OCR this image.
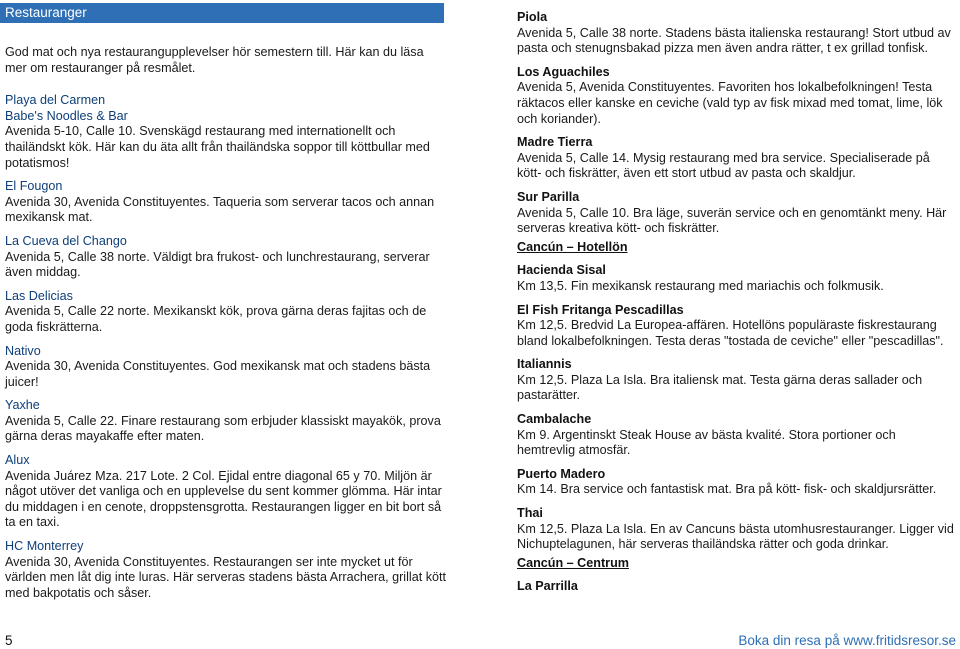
Restauranger
God mat och nya restaurangupplevelser hör semestern till. Här kan du läsa mer om restauranger på resmålet.
Playa del Carmen
Babe's Noodles & Bar
Avenida 5-10, Calle 10. Svenskägd restaurang med internationellt och thailändskt kök. Här kan du äta allt från thailändska soppor till köttbullar med potatismos!
El Fougon
Avenida 30, Avenida Constituyentes. Taqueria som serverar tacos och annan mexikansk mat.
La Cueva del Chango
Avenida 5, Calle 38 norte. Väldigt bra frukost- och lunchrestaurang, serverar även middag.
Las Delicias
Avenida 5, Calle 22 norte. Mexikanskt kök, prova gärna deras fajitas och de goda fiskrätterna.
Nativo
Avenida 30, Avenida Constituyentes. God mexikansk mat och stadens bästa juicer!
Yaxhe
Avenida 5, Calle 22. Finare restaurang som erbjuder klassiskt mayakök, prova gärna deras mayakaffe efter maten.
Alux
Avenida Juárez Mza. 217 Lote. 2 Col. Ejidal entre diagonal 65 y 70. Miljön är något utöver det vanliga och en upplevelse du sent kommer glömma. Här intar du middagen i en cenote, droppstensgrotta. Restaurangen ligger en bit bort så ta en taxi.
HC Monterrey
Avenida 30, Avenida Constituyentes. Restaurangen ser inte mycket ut för världen men låt dig inte luras. Här serveras stadens bästa Arrachera, grillat kött med bakpotatis och såser.
Piola
Avenida 5, Calle 38 norte. Stadens bästa italienska restaurang! Stort utbud av pasta och stenugnsbakad pizza men även andra rätter, t ex grillad tonfisk.
Los Aguachiles
Avenida 5, Avenida Constituyentes. Favoriten hos lokalbefolkningen! Testa räktacos eller kanske en ceviche (vald typ av fisk mixad med tomat, lime, lök och koriander).
Madre Tierra
Avenida 5, Calle 14. Mysig restaurang med bra service. Specialiserade på kött- och fiskrätter, även ett stort utbud av pasta och skaldjur.
Sur Parilla
Avenida 5, Calle 10. Bra läge, suverän service och en genomtänkt meny. Här serveras kreativa kött- och fiskrätter.
Cancún – Hotellön
Hacienda Sisal
Km 13,5. Fin mexikansk restaurang med mariachis och folkmusik.
El Fish Fritanga Pescadillas
Km 12,5. Bredvid La Europea-affären. Hotellöns populäraste fiskrestaurang bland lokalbefolkningen. Testa deras "tostada de ceviche" eller "pescadillas".
Italiannis
Km 12,5. Plaza La Isla. Bra italiensk mat. Testa gärna deras sallader och pastarätter.
Cambalache
Km 9. Argentinskt Steak House av bästa kvalité. Stora portioner och hemtrevlig atmosfär.
Puerto Madero
Km 14. Bra service och fantastisk mat. Bra på kött- fisk- och skaldjursrätter.
Thai
Km 12,5. Plaza La Isla. En av Cancuns bästa utomhusrestauranger. Ligger vid Nichuptelagunen, här serveras thailändska rätter och goda drinkar.
Cancún – Centrum
La Parrilla
5	Boka din resa på www.fritidsresor.se
